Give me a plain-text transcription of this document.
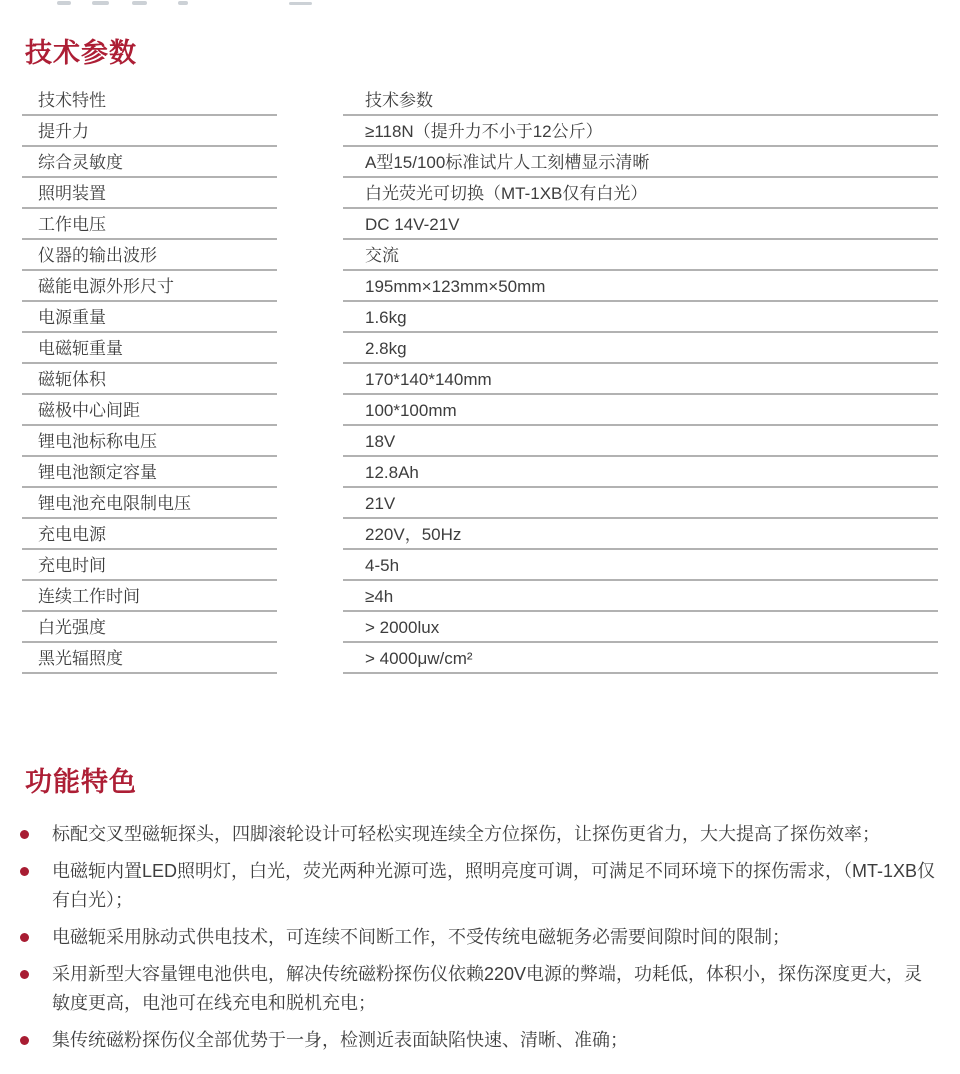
技术参数
技术特性	技术参数
提升力	≥118N（提升力不小于12公斤）
综合灵敏度	A型15/100标准试片人工刻槽显示清晰
照明装置	白光荧光可切换（MT-1XB仅有白光）
工作电压	DC 14V-21V
仪器的输出波形	交流
磁能电源外形尺寸	195mm×123mm×50mm
电源重量	1.6kg
电磁轭重量	2.8kg
磁轭体积	170*140*140mm
磁极中心间距	100*100mm
锂电池标称电压	18V
锂电池额定容量	12.8Ah
锂电池充电限制电压	21V
充电电源	220V，50Hz
充电时间	4-5h
连续工作时间	≥4h
白光强度	> 2000lux
黑光辐照度	> 4000μw/cm²
功能特色
标配交叉型磁轭探头，四脚滚轮设计可轻松实现连续全方位探伤，让探伤更省力，大大提高了探伤效率；
电磁轭内置LED照明灯，白光，荧光两种光源可选，照明亮度可调，可满足不同环境下的探伤需求，（MT-1XB仅有白光）；
电磁轭采用脉动式供电技术，可连续不间断工作，不受传统电磁轭务必需要间隙时间的限制；
采用新型大容量锂电池供电，解决传统磁粉探伤仪依赖220V电源的弊端，功耗低，体积小，探伤深度更大，灵敏度更高，电池可在线充电和脱机充电；
集传统磁粉探伤仪全部优势于一身，检测近表面缺陷快速、清晰、准确；
